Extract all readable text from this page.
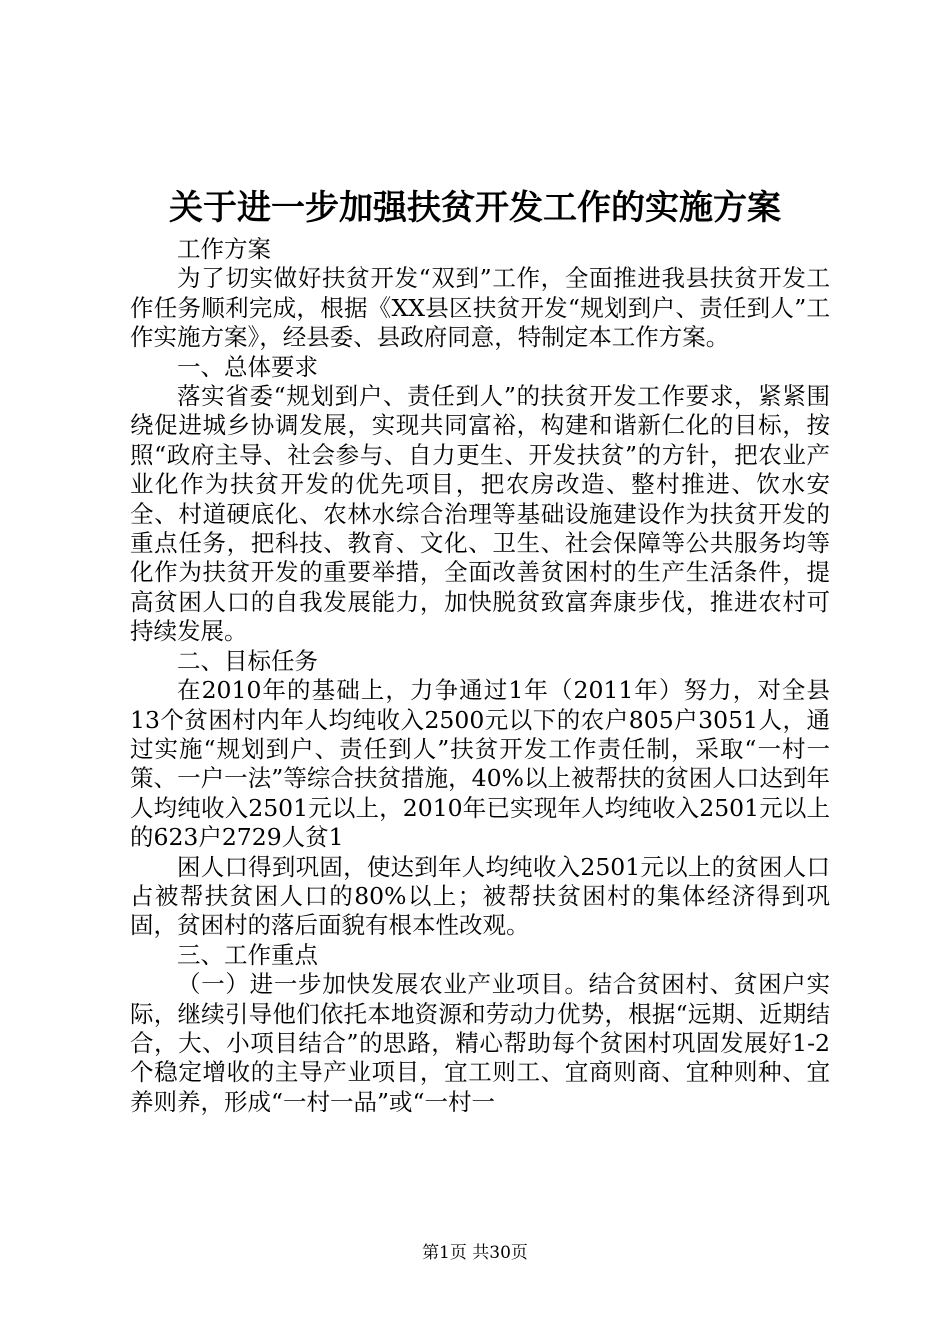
关于进一步加强扶贫开发工作的实施方案

工作方案

为了切实做好扶贫开发“双到”工作，全面推进我县扶贫开发工作任务顺利完成，根据《XX县区扶贫开发“规划到户、责任到人”工作实施方案》，经县委、县政府同意，特制定本工作方案。

一、总体要求

落实省委“规划到户、责任到人”的扶贫开发工作要求，紧紧围绕促进城乡协调发展，实现共同富裕，构建和谐新仁化的目标，按照“政府主导、社会参与、自力更生、开发扶贫”的方针，把农业产业化作为扶贫开发的优先项目，把农房改造、整村推进、饮水安全、村道硬底化、农林水综合治理等基础设施建设作为扶贫开发的重点任务，把科技、教育、文化、卫生、社会保障等公共服务均等化作为扶贫开发的重要举措，全面改善贫困村的生产生活条件，提高贫困人口的自我发展能力，加快脱贫致富奔康步伐，推进农村可持续发展。

二、目标任务

在2010年的基础上，力争通过1年（2011年）努力，对全县13个贫困村内年人均纯收入2500元以下的农户805户3051人，通过实施“规划到户、责任到人”扶贫开发工作责任制，采取“一村一策、一户一法”等综合扶贫措施，40%以上被帮扶的贫困人口达到年人均纯收入2501元以上，2010年已实现年人均纯收入2501元以上的623户2729人贫1

困人口得到巩固，使达到年人均纯收入2501元以上的贫困人口占被帮扶贫困人口的80%以上；被帮扶贫困村的集体经济得到巩固，贫困村的落后面貌有根本性改观。

三、工作重点

（一）进一步加快发展农业产业项目。结合贫困村、贫困户实际，继续引导他们依托本地资源和劳动力优势，根据“远期、近期结合，大、小项目结合”的思路，精心帮助每个贫困村巩固发展好1-2个稳定增收的主导产业项目，宜工则工、宜商则商、宜种则种、宜养则养，形成“一村一品”或“一村一

第1页 共30页
